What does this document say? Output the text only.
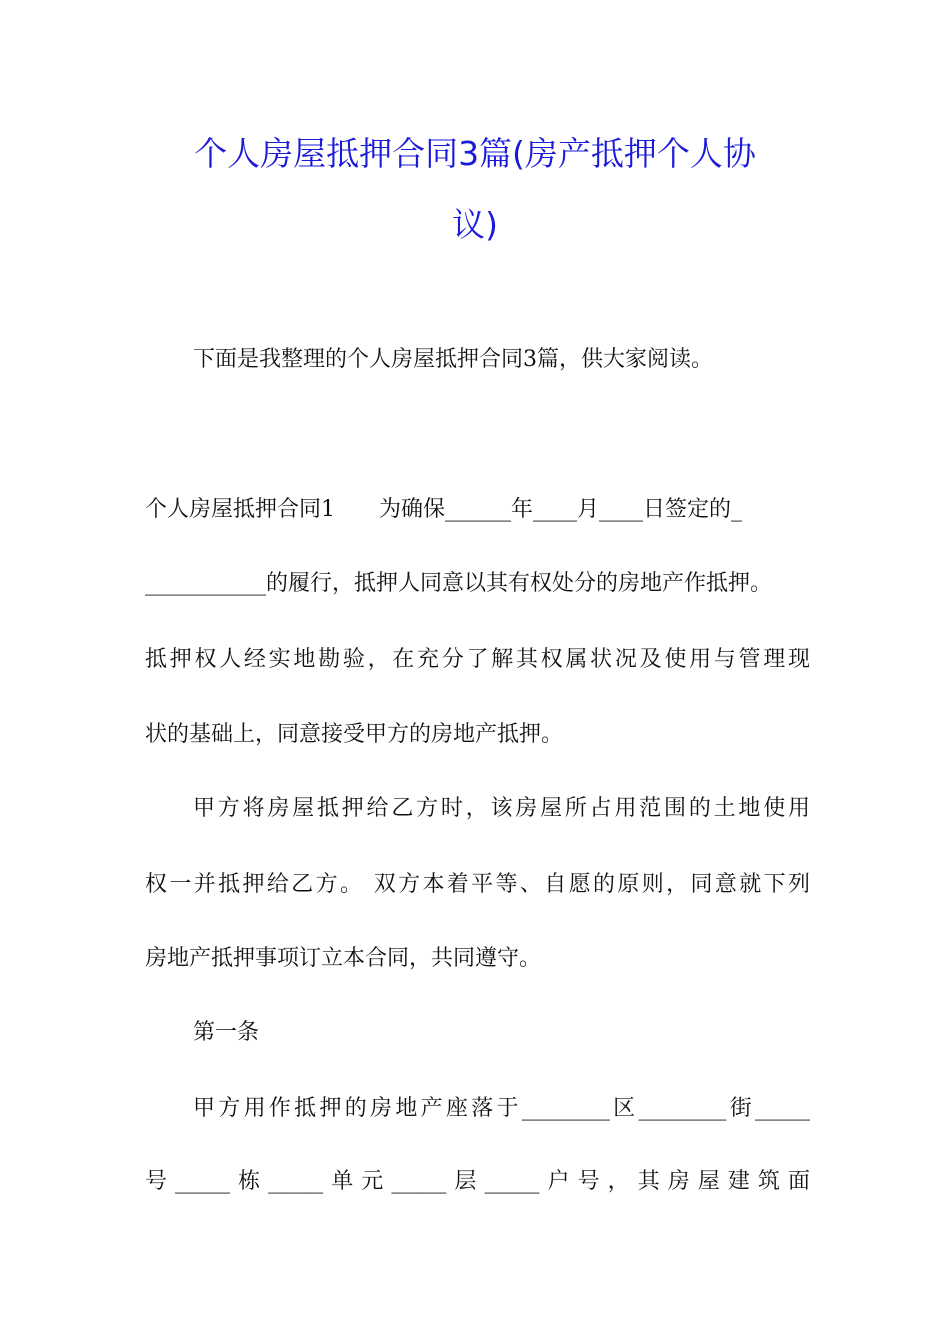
个人房屋抵押合同3篇(房产抵押个人协
议)
下面是我整理的个人房屋抵押合同3篇，供大家阅读。
个人房屋抵押合同1　　为确保______年____月____日签定的_
___________的履行，抵押人同意以其有权处分的房地产作抵押。
抵押权人经实地勘验，在充分了解其权属状况及使用与管理现
状的基础上，同意接受甲方的房地产抵押。
甲方将房屋抵押给乙方时，该房屋所占用范围的土地使用
权一并抵押给乙方。 双方本着平等、自愿的原则，同意就下列
房地产抵押事项订立本合同，共同遵守。
第一条
甲方用作抵押的房地产座落于________区________街_____
号_____栋_____单元_____层_____户号，其房屋建筑面
